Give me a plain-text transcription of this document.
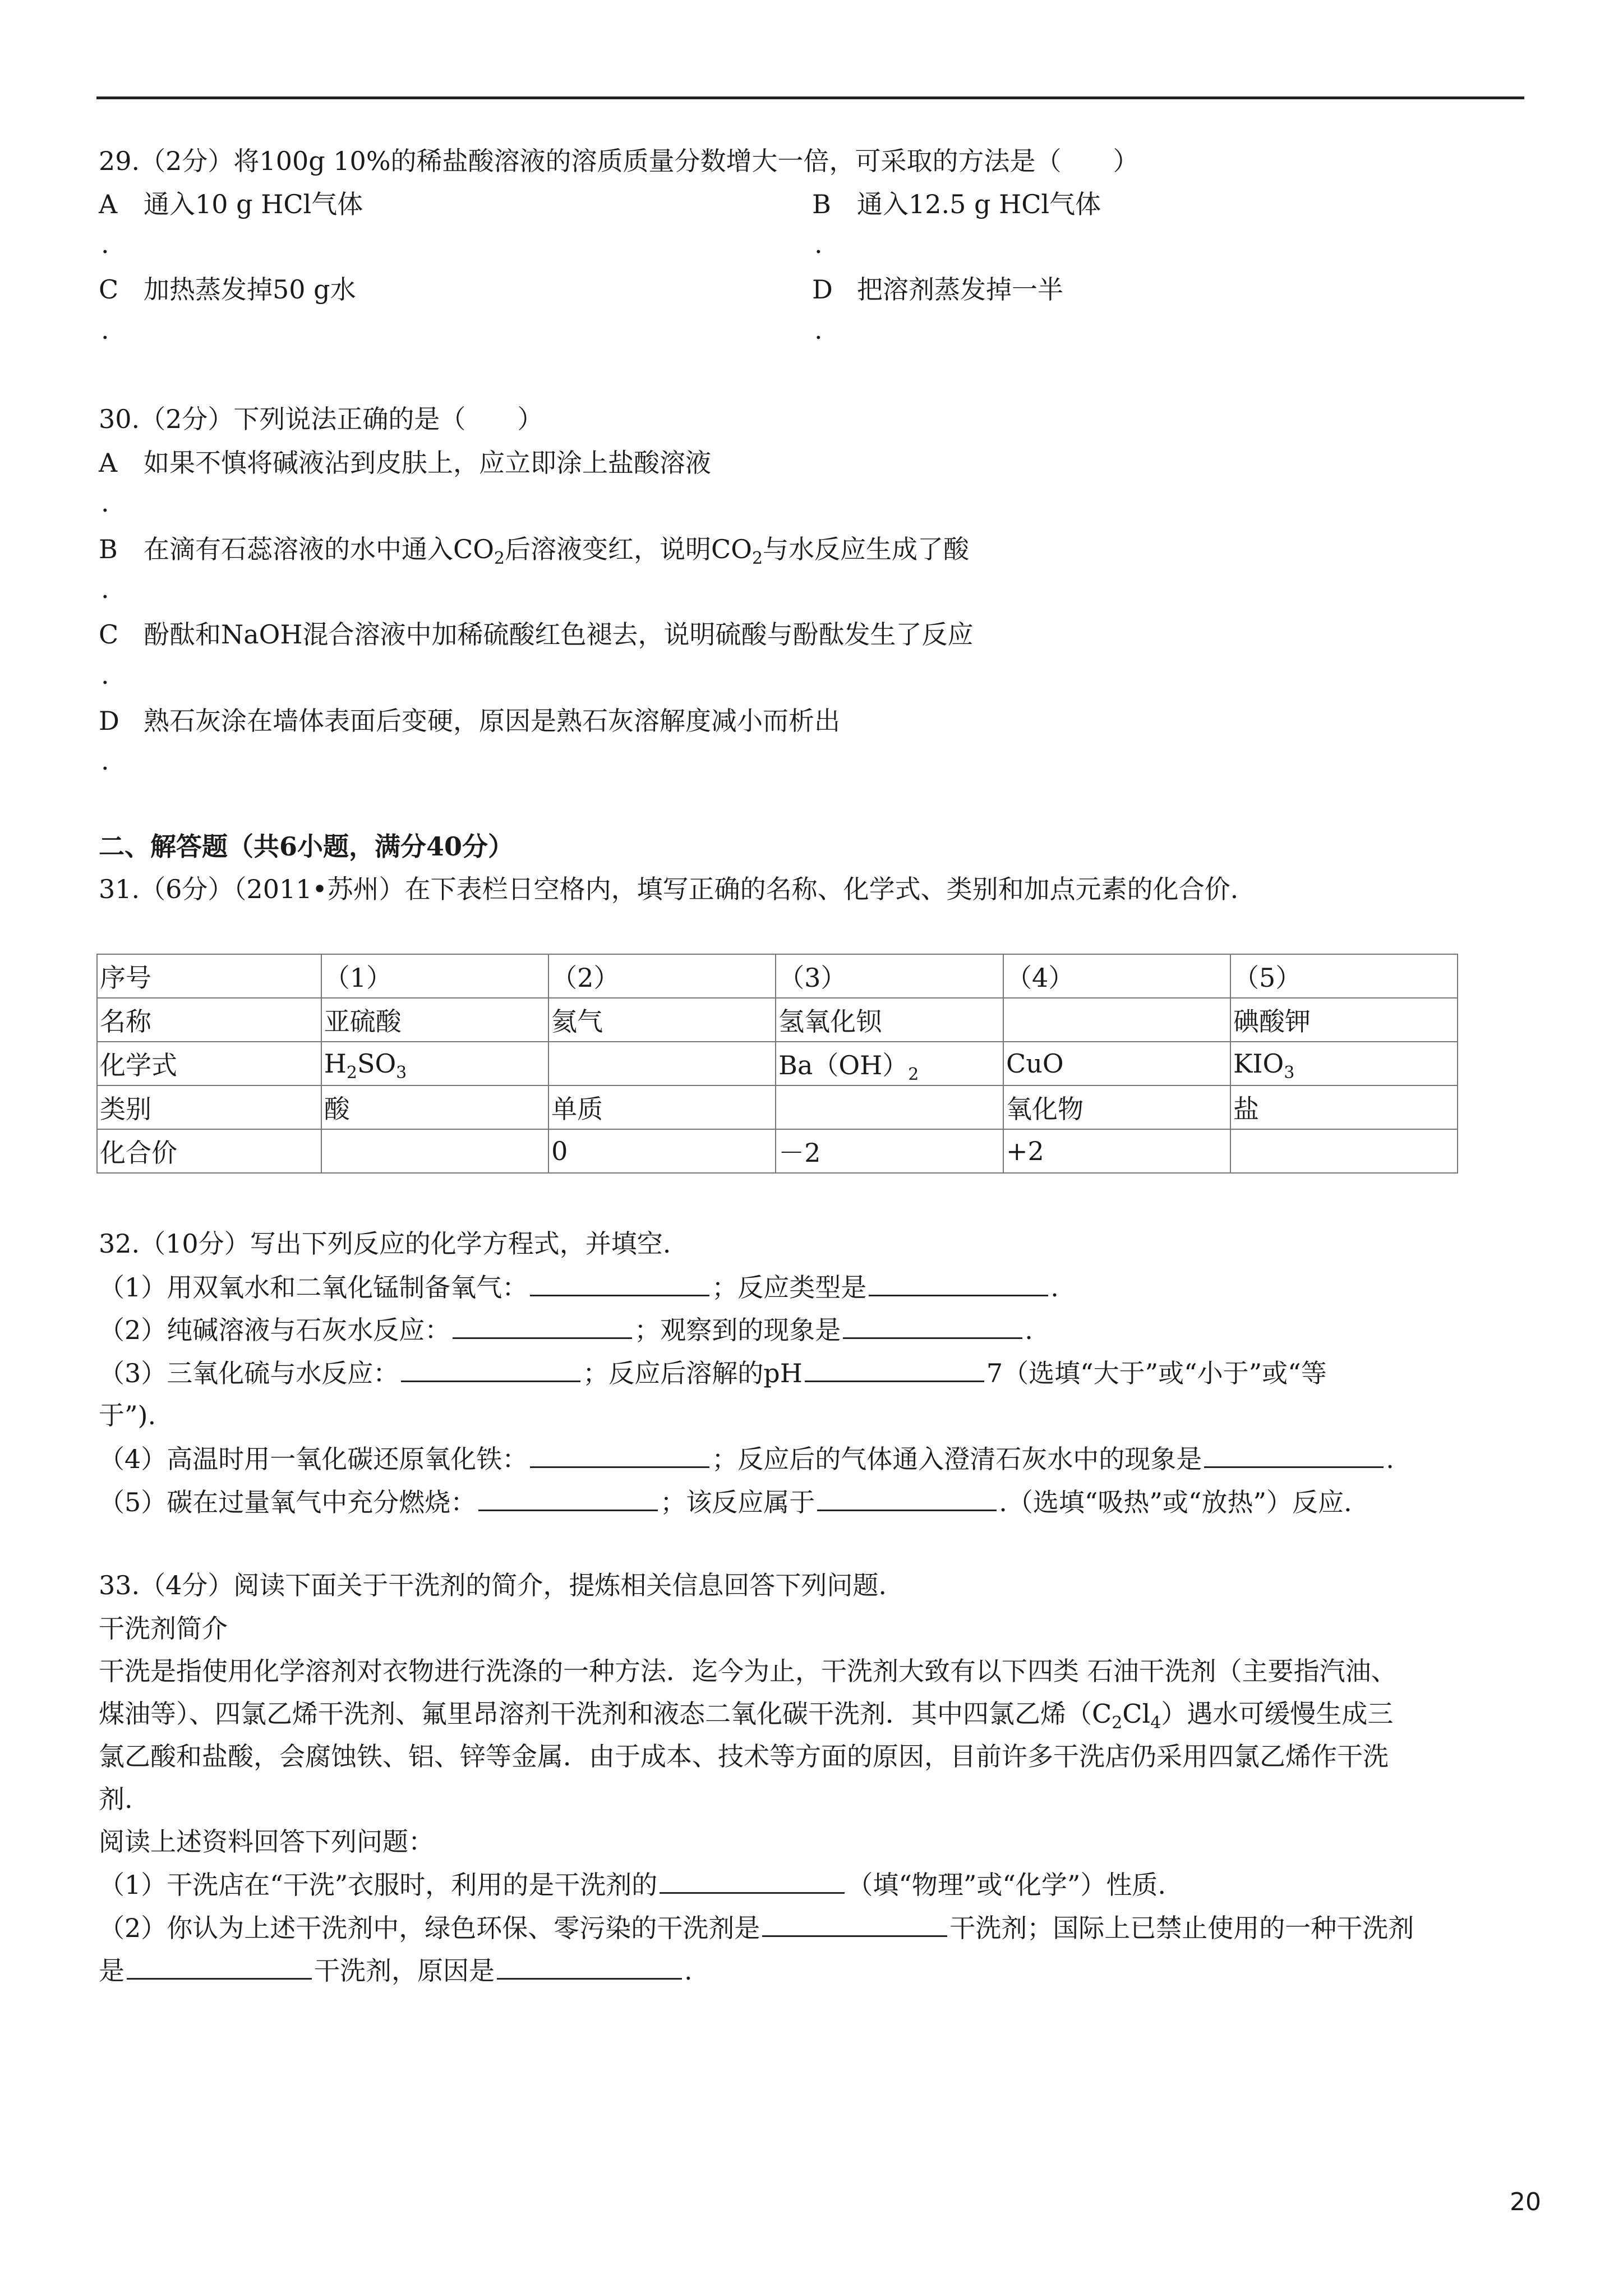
29.（2分）将100g 10%的稀盐酸溶液的溶质质量分数增大一倍，可采取的方法是（　　）
A 通入10 g HCl气体	B 通入12.5 g HCl气体
.	.
C 加热蒸发掉50 g水	D 把溶剂蒸发掉一半
.	.
30.（2分）下列说法正确的是（　　）
A 如果不慎将碱液沾到皮肤上，应立即涂上盐酸溶液
.
B 在滴有石蕊溶液的水中通入$CO_2$后溶液变红，说明$CO_2$与水反应生成了酸
.
C 酚酞和NaOH混合溶液中加稀硫酸红色褪去，说明硫酸与酚酞发生了反应
.
D 熟石灰涂在墙体表面后变硬，原因是熟石灰溶解度减小而析出
.
二、解答题（共6小题，满分40分）
31.（6分）（2011•苏州）在下表栏日空格内，填写正确的名称、化学式、类别和加点元素的化合价.
序号	（1）	（2）	（3）	（4）	（5）
名称	亚硫酸	氦气	氢氧化钡		碘酸钾
化学式	$H_2SO_3$		$Ba(OH)_2$	CuO	$KIO_3$
类别	酸	单质		氧化物	盐
化合价		0	－2	+2	
32.（10分）写出下列反应的化学方程式，并填空.
（1）用双氧水和二氧化锰制备氧气：	；反应类型是	.
（2）纯碱溶液与石灰水反应：	；观察到的现象是	.
（3）三氧化硫与水反应：	；反应后溶解的pH	7（选填“大于”或“小于”或“等
于”).
（4）高温时用一氧化碳还原氧化铁：	；反应后的气体通入澄清石灰水中的现象是	.
（5）碳在过量氧气中充分燃烧：	；该反应属于	.（选填“吸热”或“放热”）反应.
33.（4分）阅读下面关于干洗剂的简介，提炼相关信息回答下列问题.
干洗剂简介
干洗是指使用化学溶剂对衣物进行洗涤的一种方法．迄今为止，干洗剂大致有以下四类 石油干洗剂（主要指汽油、
煤油等）、四氯乙烯干洗剂、氟里昂溶剂干洗剂和液态二氧化碳干洗剂．其中四氯乙烯$(C_2Cl_4)$遇水可缓慢生成三
氯乙酸和盐酸，会腐蚀铁、铝、锌等金属．由于成本、技术等方面的原因，目前许多干洗店仍采用四氯乙烯作干洗
剂.
阅读上述资料回答下列问题：
（1）干洗店在“干洗”衣服时，利用的是干洗剂的	（填“物理”或“化学”）性质.
（2）你认为上述干洗剂中，绿色环保、零污染的干洗剂是	干洗剂；国际上已禁止使用的一种干洗剂
是	干洗剂，原因是	.
20
